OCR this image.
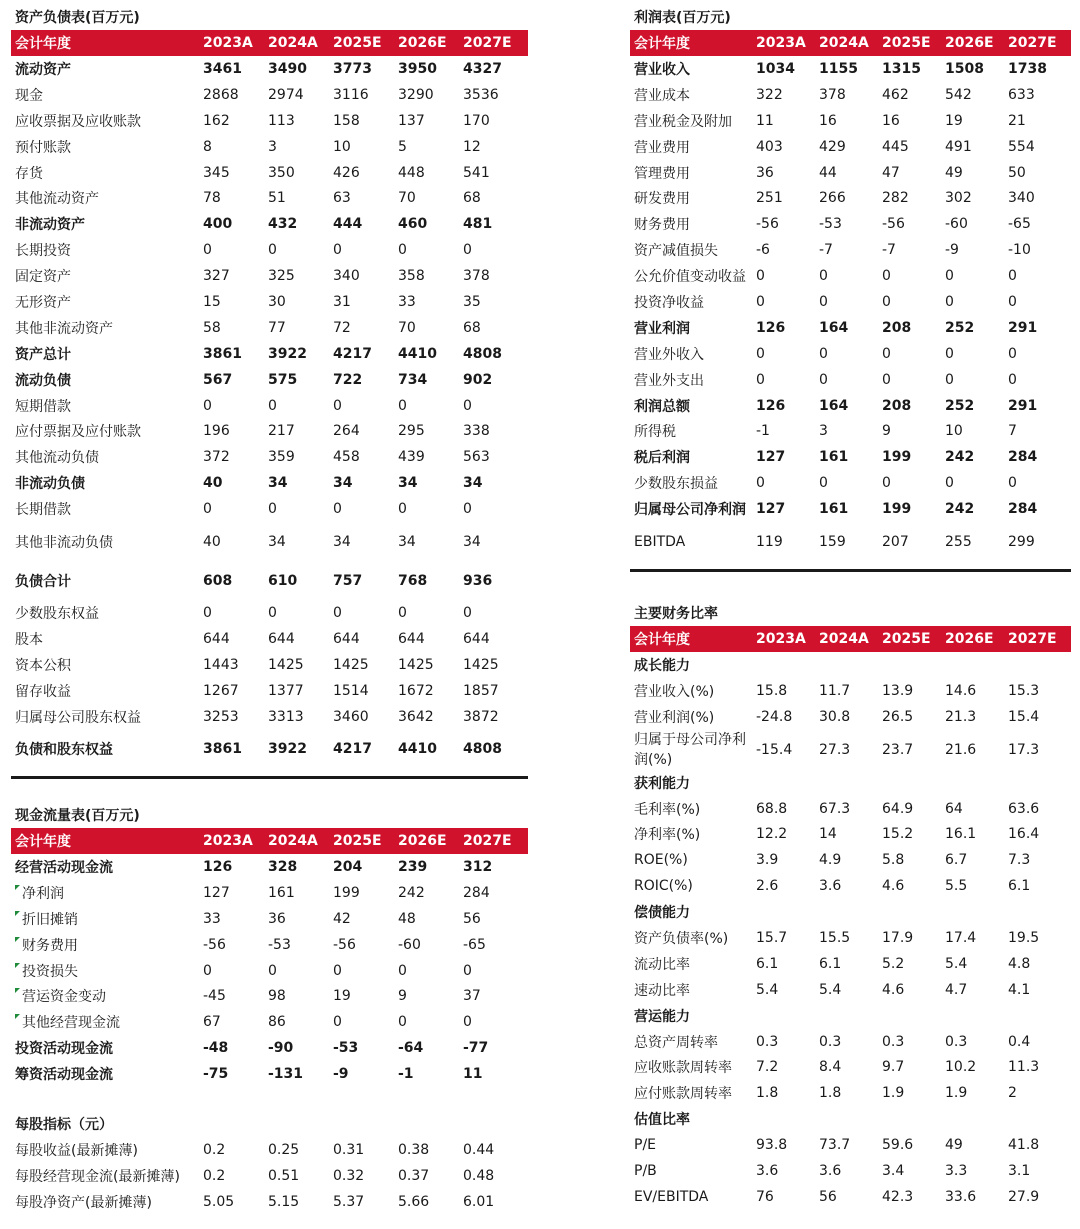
资产负债表(百万元)
会计年度	2023A	2024A	2025E	2026E	2027E
流动资产	3461	3490	3773	3950	4327
现金	2868	2974	3116	3290	3536
应收票据及应收账款	162	113	158	137	170
预付账款	8	3	10	5	12
存货	345	350	426	448	541
其他流动资产	78	51	63	70	68
非流动资产	400	432	444	460	481
长期投资	0	0	0	0	0
固定资产	327	325	340	358	378
无形资产	15	30	31	33	35
其他非流动资产	58	77	72	70	68
资产总计	3861	3922	4217	4410	4808
流动负债	567	575	722	734	902
短期借款	0	0	0	0	0
应付票据及应付账款	196	217	264	295	338
其他流动负债	372	359	458	439	563
非流动负债	40	34	34	34	34
长期借款	0	0	0	0	0
其他非流动负债	40	34	34	34	34
负债合计	608	610	757	768	936
少数股东权益	0	0	0	0	0
股本	644	644	644	644	644
资本公积	1443	1425	1425	1425	1425
留存收益	1267	1377	1514	1672	1857
归属母公司股东权益	3253	3313	3460	3642	3872
负债和股东权益	3861	3922	4217	4410	4808
现金流量表(百万元)
会计年度	2023A	2024A	2025E	2026E	2027E
经营活动现金流	126	328	204	239	312
净利润	127	161	199	242	284
折旧摊销	33	36	42	48	56
财务费用	-56	-53	-56	-60	-65
投资损失	0	0	0	0	0
营运资金变动	-45	98	19	9	37
其他经营现金流	67	86	0	0	0
投资活动现金流	-48	-90	-53	-64	-77
筹资活动现金流	-75	-131	-9	-1	11
每股指标（元）
每股收益(最新摊薄)	0.2	0.25	0.31	0.38	0.44
每股经营现金流(最新摊薄)	0.2	0.51	0.32	0.37	0.48
每股净资产(最新摊薄)	5.05	5.15	5.37	5.66	6.01
利润表(百万元)
会计年度	2023A	2024A	2025E	2026E	2027E
营业收入	1034	1155	1315	1508	1738
营业成本	322	378	462	542	633
营业税金及附加	11	16	16	19	21
营业费用	403	429	445	491	554
管理费用	36	44	47	49	50
研发费用	251	266	282	302	340
财务费用	-56	-53	-56	-60	-65
资产减值损失	-6	-7	-7	-9	-10
公允价值变动收益	0	0	0	0	0
投资净收益	0	0	0	0	0
营业利润	126	164	208	252	291
营业外收入	0	0	0	0	0
营业外支出	0	0	0	0	0
利润总额	126	164	208	252	291
所得税	-1	3	9	10	7
税后利润	127	161	199	242	284
少数股东损益	0	0	0	0	0
归属母公司净利润	127	161	199	242	284
EBITDA	119	159	207	255	299
主要财务比率
会计年度	2023A	2024A	2025E	2026E	2027E
成长能力					
营业收入(%)	15.8	11.7	13.9	14.6	15.3
营业利润(%)	-24.8	30.8	26.5	21.3	15.4
归属于母公司净利润(%)	-15.4	27.3	23.7	21.6	17.3
获利能力					
毛利率(%)	68.8	67.3	64.9	64	63.6
净利率(%)	12.2	14	15.2	16.1	16.4
ROE(%)	3.9	4.9	5.8	6.7	7.3
ROIC(%)	2.6	3.6	4.6	5.5	6.1
偿债能力					
资产负债率(%)	15.7	15.5	17.9	17.4	19.5
流动比率	6.1	6.1	5.2	5.4	4.8
速动比率	5.4	5.4	4.6	4.7	4.1
营运能力					
总资产周转率	0.3	0.3	0.3	0.3	0.4
应收账款周转率	7.2	8.4	9.7	10.2	11.3
应付账款周转率	1.8	1.8	1.9	1.9	2
估值比率					
P/E	93.8	73.7	59.6	49	41.8
P/B	3.6	3.6	3.4	3.3	3.1
EV/EBITDA	76	56	42.3	33.6	27.9
